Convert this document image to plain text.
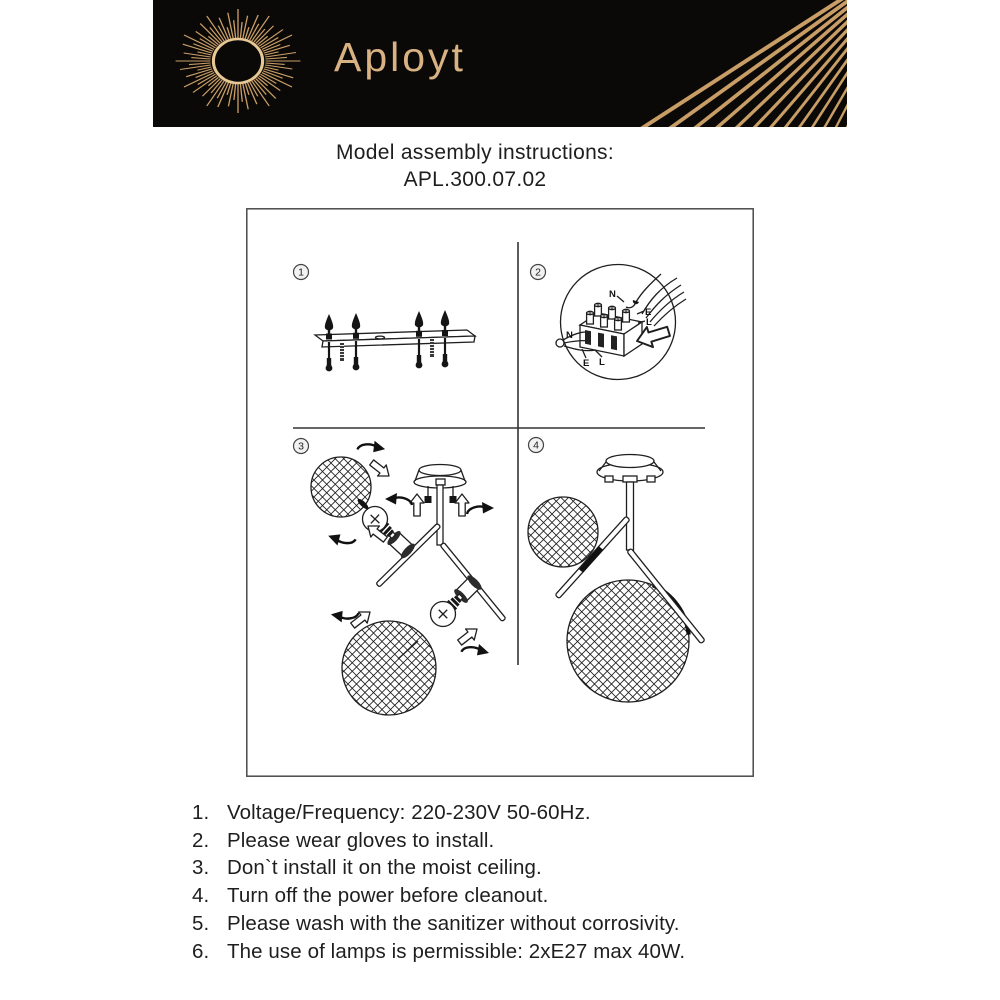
Aployt
Model assembly instructions:
APL.300.07.02
1	2
3	4
N
E
L
N
E L
1. Voltage/Frequency: 220-230V 50-60Hz.
2. Please wear gloves to install.
3. Don`t install it on the moist ceiling.
4. Turn off the power before cleanout.
5. Please wash with the sanitizer without corrosivity.
6. The use of lamps is permissible: 2xE27 max 40W.
